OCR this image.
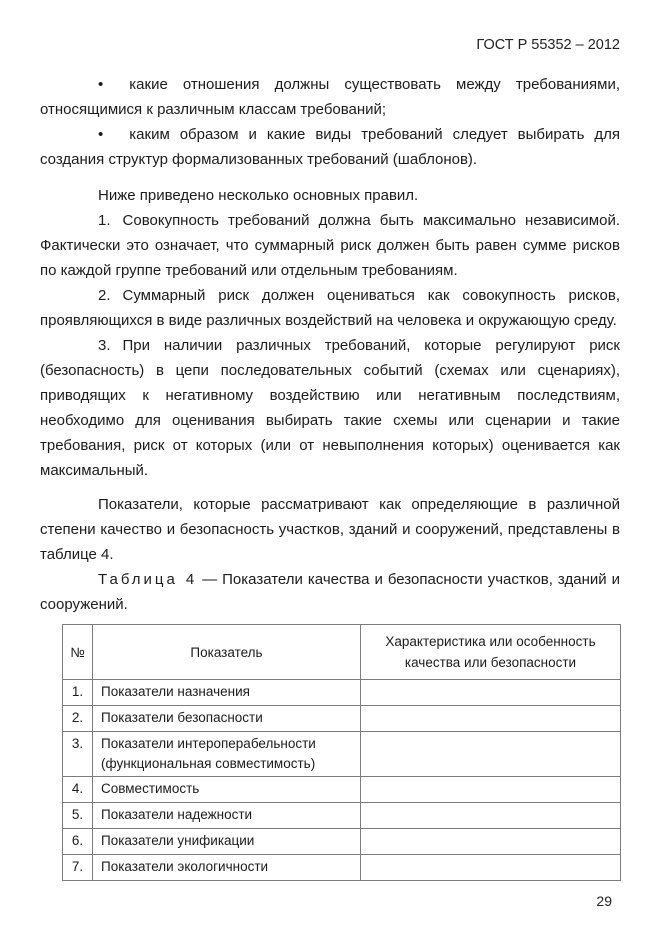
ГОСТ Р 55352 – 2012

• какие отношения должны существовать между требованиями, относящимися к различным классам требований;

• каким образом и какие виды требований следует выбирать для создания структур формализованных требований (шаблонов).

Ниже приведено несколько основных правил.

1. Совокупность требований должна быть максимально независимой. Фактически это означает, что суммарный риск должен быть равен сумме рисков по каждой группе требований или отдельным требованиям.

2. Суммарный риск должен оцениваться как совокупность рисков, проявляющихся в виде различных воздействий на человека и окружающую среду.

3. При наличии различных требований, которые регулируют риск (безопасность) в цепи последовательных событий (схемах или сценариях), приводящих к негативному воздействию или негативным последствиям, необходимо для оценивания выбирать такие схемы или сценарии и такие требования, риск от которых (или от невыполнения которых) оценивается как максимальный.

Показатели, которые рассматривают как определяющие в различной степени качество и безопасность участков, зданий и сооружений, представлены в таблице 4.

Таблица 4 — Показатели качества и безопасности участков, зданий и сооружений.

№	Показатель	Характеристика или особенность качества или безопасности
1.	Показатели назначения	
2.	Показатели безопасности	
3.	Показатели интероперабельности (функциональная совместимость)	
4.	Совместимость	
5.	Показатели надежности	
6.	Показатели унификации	
7.	Показатели экологичности	
29
